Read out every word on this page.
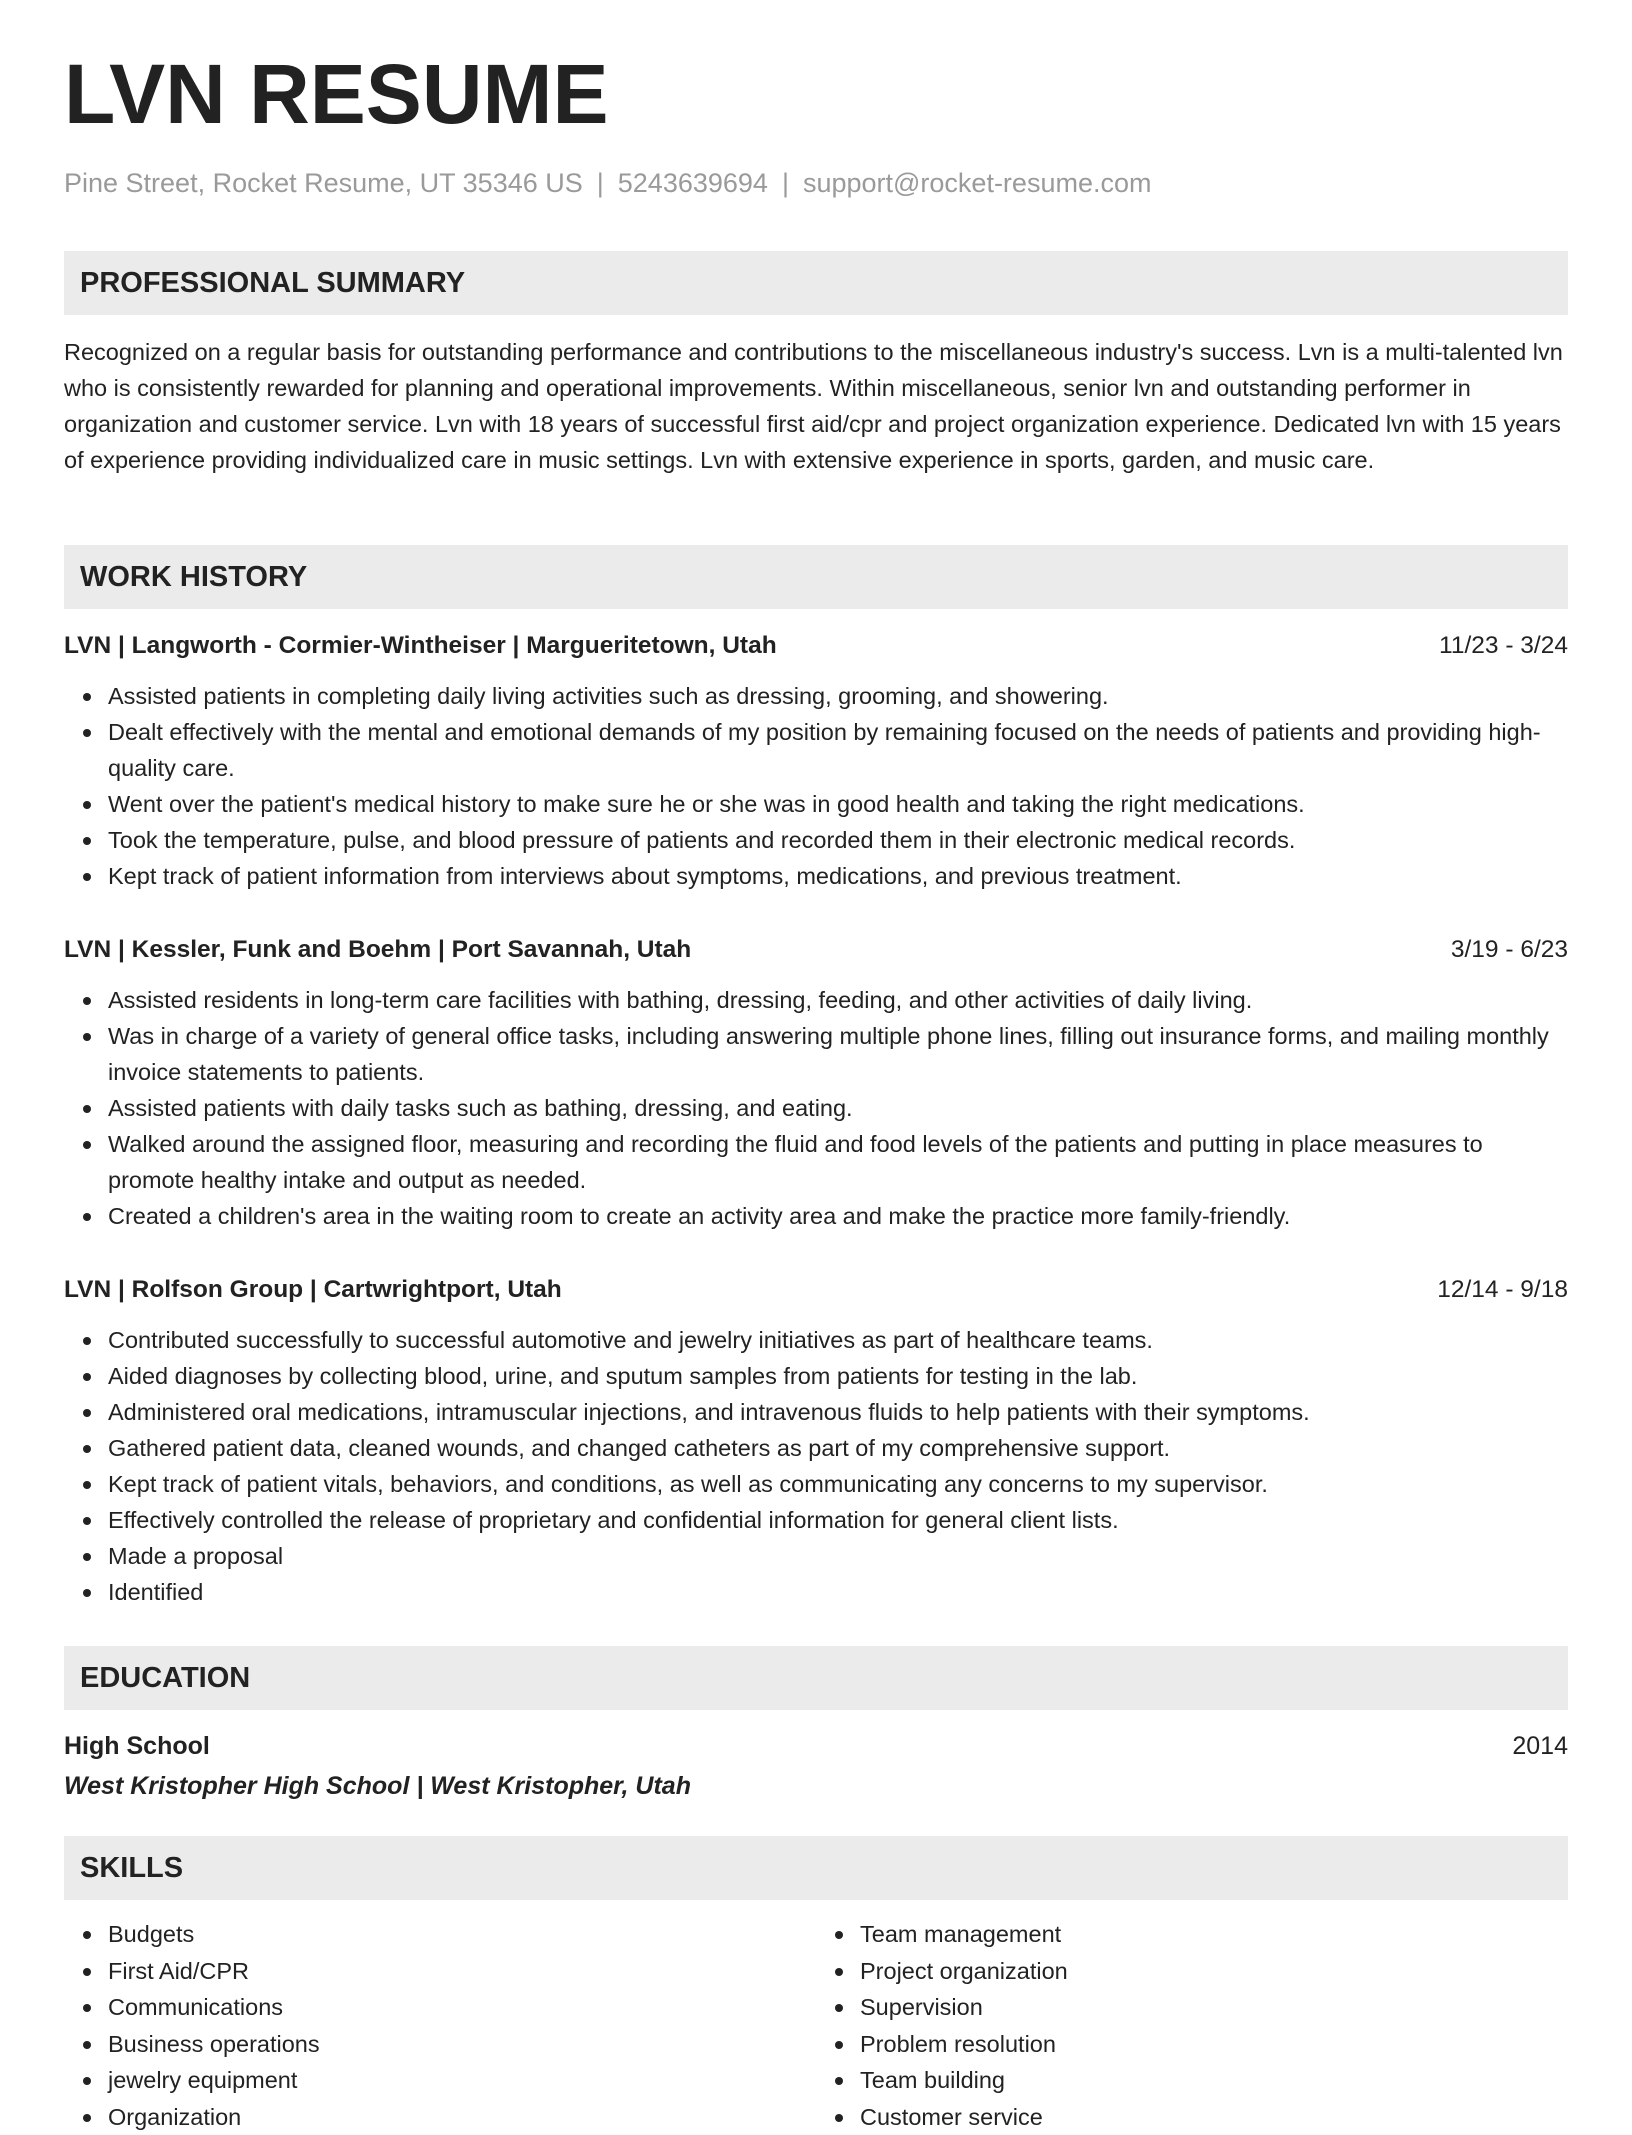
LVN RESUME
Pine Street, Rocket Resume, UT 35346 US | 5243639694 | support@rocket-resume.com
PROFESSIONAL SUMMARY

Recognized on a regular basis for outstanding performance and contributions to the miscellaneous industry's success. Lvn is a multi-talented lvn who is consistently rewarded for planning and operational improvements. Within miscellaneous, senior lvn and outstanding performer in organization and customer service. Lvn with 18 years of successful first aid/cpr and project organization experience. Dedicated lvn with 15 years of experience providing individualized care in music settings. Lvn with extensive experience in sports, garden, and music care.

WORK HISTORY
LVN | Langworth - Cormier-Wintheiser | Margueritetown, Utah	11/23 - 3/24
Assisted patients in completing daily living activities such as dressing, grooming, and showering.
Dealt effectively with the mental and emotional demands of my position by remaining focused on the needs of patients and providing high-quality care.
Went over the patient's medical history to make sure he or she was in good health and taking the right medications.
Took the temperature, pulse, and blood pressure of patients and recorded them in their electronic medical records.
Kept track of patient information from interviews about symptoms, medications, and previous treatment.
LVN | Kessler, Funk and Boehm | Port Savannah, Utah	3/19 - 6/23
Assisted residents in long-term care facilities with bathing, dressing, feeding, and other activities of daily living.
Was in charge of a variety of general office tasks, including answering multiple phone lines, filling out insurance forms, and mailing monthly invoice statements to patients.
Assisted patients with daily tasks such as bathing, dressing, and eating.
Walked around the assigned floor, measuring and recording the fluid and food levels of the patients and putting in place measures to promote healthy intake and output as needed.
Created a children's area in the waiting room to create an activity area and make the practice more family-friendly.
LVN | Rolfson Group | Cartwrightport, Utah	12/14 - 9/18
Contributed successfully to successful automotive and jewelry initiatives as part of healthcare teams.
Aided diagnoses by collecting blood, urine, and sputum samples from patients for testing in the lab.
Administered oral medications, intramuscular injections, and intravenous fluids to help patients with their symptoms.
Gathered patient data, cleaned wounds, and changed catheters as part of my comprehensive support.
Kept track of patient vitals, behaviors, and conditions, as well as communicating any concerns to my supervisor.
Effectively controlled the release of proprietary and confidential information for general client lists.
Made a proposal
Identified
EDUCATION
High School	2014
West Kristopher High School | West Kristopher, Utah
SKILLS
Budgets
First Aid/CPR
Communications
Business operations
jewelry equipment
Organization
Team management
Project organization
Supervision
Problem resolution
Team building
Customer service
